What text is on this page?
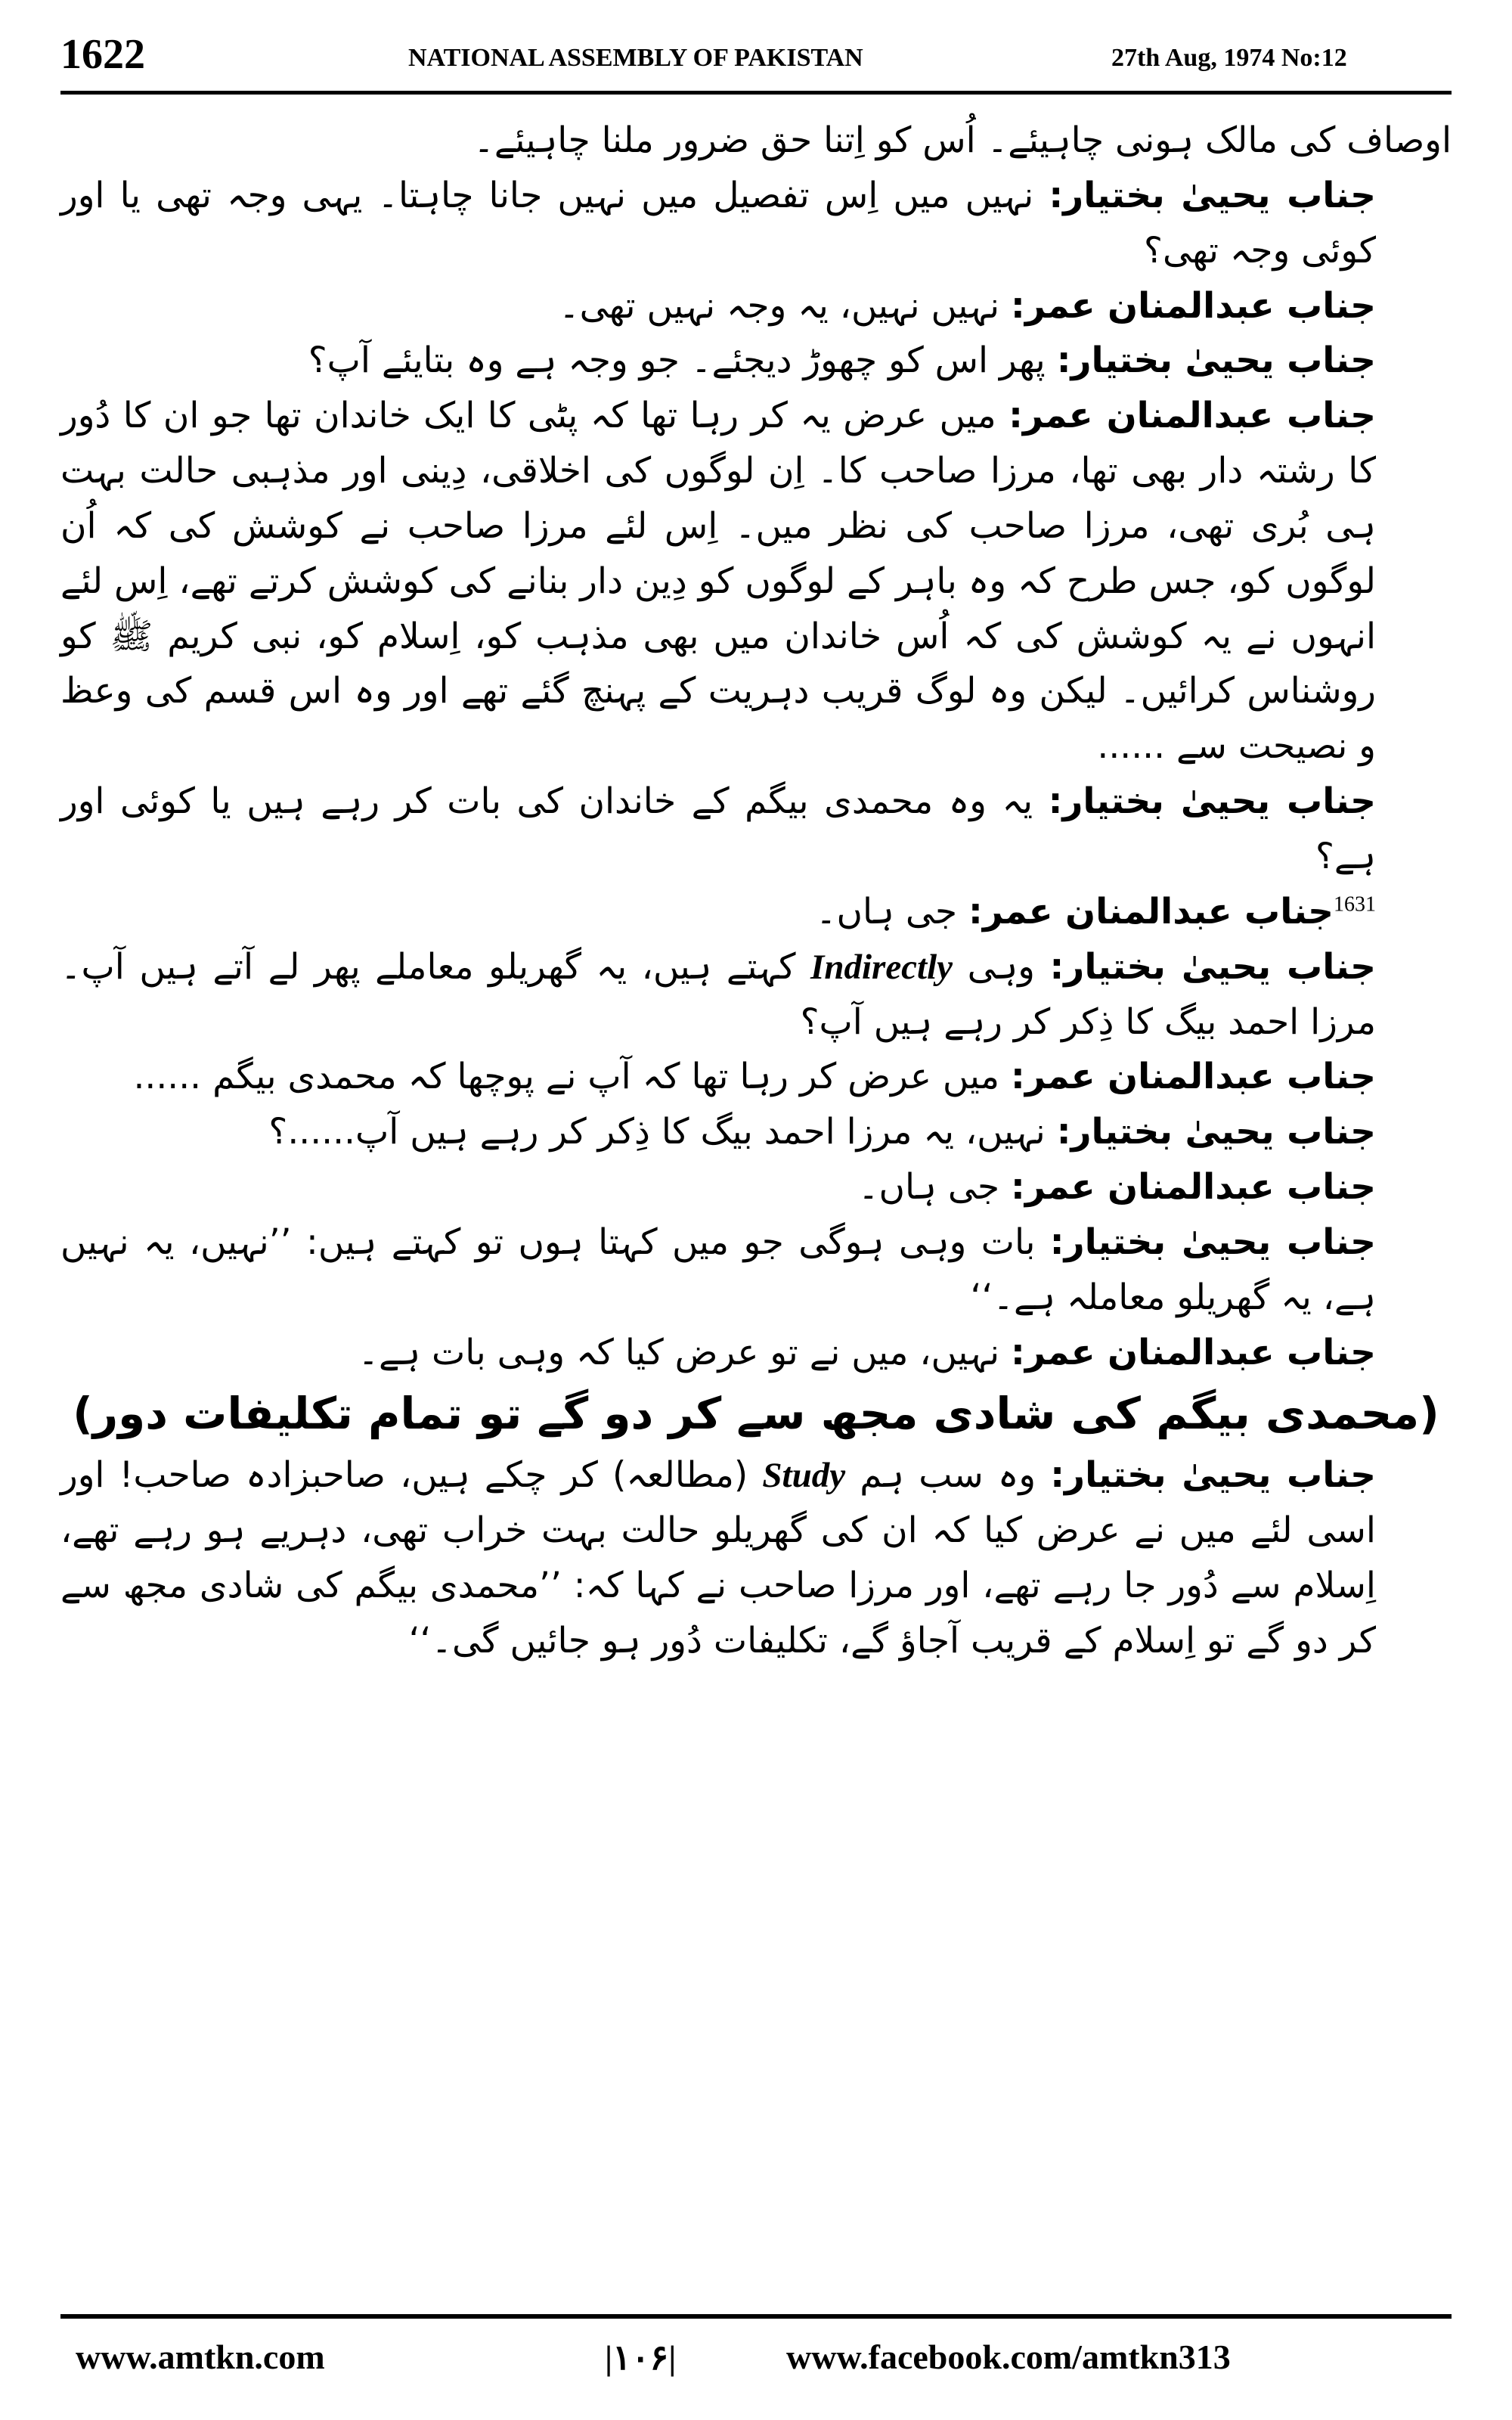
1622	NATIONAL ASSEMBLY OF PAKISTAN	27th Aug, 1974 No:12

اوصاف کی مالک ہونی چاہیئے۔ اُس کو اِتنا حق ضرور ملنا چاہیئے۔

جناب یحییٰ بختیار: نہیں میں اِس تفصیل میں نہیں جانا چاہتا۔ یہی وجہ تھی یا اور کوئی وجہ تھی؟

جناب عبدالمنان عمر: نہیں نہیں، یہ وجہ نہیں تھی۔

جناب یحییٰ بختیار: پھر اس کو چھوڑ دیجئے۔ جو وجہ ہے وہ بتایئے آپ؟

جناب عبدالمنان عمر: میں عرض یہ کر رہا تھا کہ پٹی کا ایک خاندان تھا جو ان کا دُور کا رشتہ دار بھی تھا، مرزا صاحب کا۔ اِن لوگوں کی اخلاقی، دِینی اور مذہبی حالت بہت ہی بُری تھی، مرزا صاحب کی نظر میں۔ اِس لئے مرزا صاحب نے کوشش کی کہ اُن لوگوں کو، جس طرح کہ وہ باہر کے لوگوں کو دِین دار بنانے کی کوشش کرتے تھے، اِس لئے انہوں نے یہ کوشش کی کہ اُس خاندان میں بھی مذہب کو، اِسلام کو، نبی کریم ﷺ کو روشناس کرائیں۔ لیکن وہ لوگ قریب دہریت کے پہنچ گئے تھے اور وہ اس قسم کی وعظ و نصیحت سے ......

جناب یحییٰ بختیار: یہ وہ محمدی بیگم کے خاندان کی بات کر رہے ہیں یا کوئی اور ہے؟

$^{1631}$جناب عبدالمنان عمر: جی ہاں۔

جناب یحییٰ بختیار: وہی Indirectly کہتے ہیں، یہ گھریلو معاملے پھر لے آتے ہیں آپ۔ مرزا احمد بیگ کا ذِکر کر رہے ہیں آپ؟

جناب عبدالمنان عمر: میں عرض کر رہا تھا کہ آپ نے پوچھا کہ محمدی بیگم ......

جناب یحییٰ بختیار: نہیں، یہ مرزا احمد بیگ کا ذِکر کر رہے ہیں آپ......؟

جناب عبدالمنان عمر: جی ہاں۔

جناب یحییٰ بختیار: بات وہی ہوگی جو میں کہتا ہوں تو کہتے ہیں: ’’نہیں، یہ نہیں ہے، یہ گھریلو معاملہ ہے۔‘‘

جناب عبدالمنان عمر: نہیں، میں نے تو عرض کیا کہ وہی بات ہے۔

(محمدی بیگم کی شادی مجھ سے کر دو گے تو تمام تکلیفات دور)

جناب یحییٰ بختیار: وہ سب ہم Study (مطالعہ) کر چکے ہیں، صاحبزادہ صاحب! اور اسی لئے میں نے عرض کیا کہ ان کی گھریلو حالت بہت خراب تھی، دہریے ہو رہے تھے، اِسلام سے دُور جا رہے تھے، اور مرزا صاحب نے کہا کہ: ’’محمدی بیگم کی شادی مجھ سے کر دو گے تو اِسلام کے قریب آجاؤ گے، تکلیفات دُور ہو جائیں گی۔‘‘

www.amtkn.com	|۱۰۶|	www.facebook.com/amtkn313
